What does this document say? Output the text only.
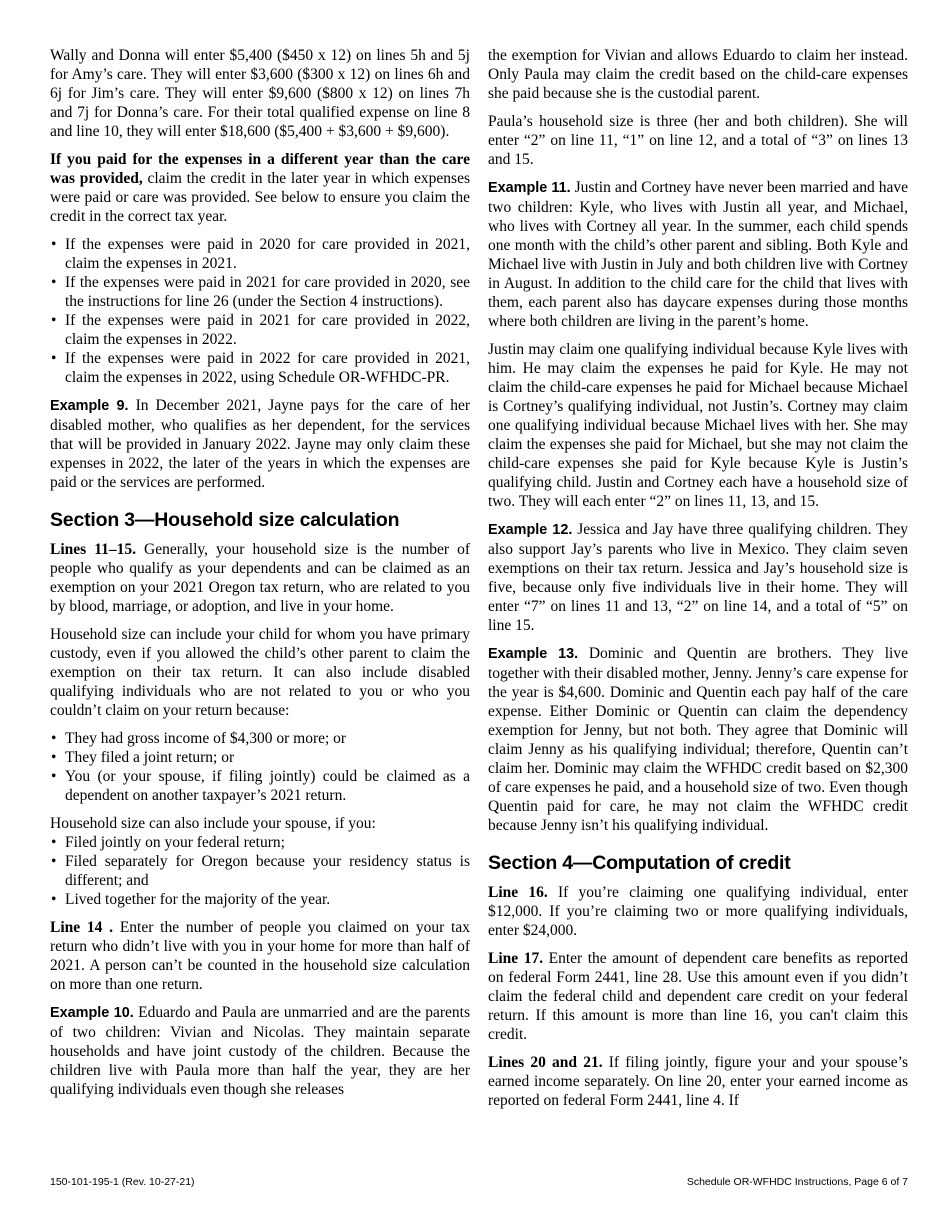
Wally and Donna will enter $5,400 ($450 x 12) on lines 5h and 5j for Amy’s care. They will enter $3,600 ($300 x 12) on lines 6h and 6j for Jim’s care. They will enter $9,600 ($800 x 12) on lines 7h and 7j for Donna’s care. For their total qualified expense on line 8 and line 10, they will enter $18,600 ($5,400 + $3,600 + $9,600).

If you paid for the expenses in a different year than the care was provided, claim the credit in the later year in which expenses were paid or care was provided. See below to ensure you claim the credit in the correct tax year.

• If the expenses were paid in 2020 for care provided in 2021, claim the expenses in 2021.
• If the expenses were paid in 2021 for care provided in 2020, see the instructions for line 26 (under the Section 4 instructions).
• If the expenses were paid in 2021 for care provided in 2022, claim the expenses in 2022.
• If the expenses were paid in 2022 for care provided in 2021, claim the expenses in 2022, using Schedule OR-WFHDC-PR.

Example 9. In December 2021, Jayne pays for the care of her disabled mother, who qualifies as her dependent, for the services that will be provided in January 2022. Jayne may only claim these expenses in 2022, the later of the years in which the expenses are paid or the services are performed.

Section 3—Household size calculation

Lines 11–15. Generally, your household size is the number of people who qualify as your dependents and can be claimed as an exemption on your 2021 Oregon tax return, who are related to you by blood, marriage, or adoption, and live in your home.

Household size can include your child for whom you have primary custody, even if you allowed the child’s other parent to claim the exemption on their tax return. It can also include disabled qualifying individuals who are not related to you or who you couldn’t claim on your return because:

• They had gross income of $4,300 or more; or
• They filed a joint return; or
• You (or your spouse, if filing jointly) could be claimed as a dependent on another taxpayer’s 2021 return.

Household size can also include your spouse, if you:

• Filed jointly on your federal return;
• Filed separately for Oregon because your residency status is different; and
• Lived together for the majority of the year.

Line 14 . Enter the number of people you claimed on your tax return who didn’t live with you in your home for more than half of 2021. A person can’t be counted in the household size calculation on more than one return.

Example 10. Eduardo and Paula are unmarried and are the parents of two children: Vivian and Nicolas. They maintain separate households and have joint custody of the children. Because the children live with Paula more than half the year, they are her qualifying individuals even though she releases

the exemption for Vivian and allows Eduardo to claim her instead. Only Paula may claim the credit based on the child-care expenses she paid because she is the custodial parent.

Paula’s household size is three (her and both children). She will enter “2” on line 11, “1” on line 12, and a total of “3” on lines 13 and 15.

Example 11. Justin and Cortney have never been married and have two children: Kyle, who lives with Justin all year, and Michael, who lives with Cortney all year. In the summer, each child spends one month with the child’s other parent and sibling. Both Kyle and Michael live with Justin in July and both children live with Cortney in August. In addition to the child care for the child that lives with them, each parent also has daycare expenses during those months where both children are living in the parent’s home.

Justin may claim one qualifying individual because Kyle lives with him. He may claim the expenses he paid for Kyle. He may not claim the child-care expenses he paid for Michael because Michael is Cortney’s qualifying individual, not Justin’s. Cortney may claim one qualifying individual because Michael lives with her. She may claim the expenses she paid for Michael, but she may not claim the child-care expenses she paid for Kyle because Kyle is Justin’s qualifying child. Justin and Cortney each have a household size of two. They will each enter “2” on lines 11, 13, and 15.

Example 12. Jessica and Jay have three qualifying children. They also support Jay’s parents who live in Mexico. They claim seven exemptions on their tax return. Jessica and Jay’s household size is five, because only five individuals live in their home. They will enter “7” on lines 11 and 13, “2” on line 14, and a total of “5” on line 15.

Example 13. Dominic and Quentin are brothers. They live together with their disabled mother, Jenny. Jenny’s care expense for the year is $4,600. Dominic and Quentin each pay half of the care expense. Either Dominic or Quentin can claim the dependency exemption for Jenny, but not both. They agree that Dominic will claim Jenny as his qualifying individual; therefore, Quentin can’t claim her. Dominic may claim the WFHDC credit based on $2,300 of care expenses he paid, and a household size of two. Even though Quentin paid for care, he may not claim the WFHDC credit because Jenny isn’t his qualifying individual.

Section 4—Computation of credit

Line 16. If you’re claiming one qualifying individual, enter $12,000. If you’re claiming two or more qualifying individuals, enter $24,000.

Line 17. Enter the amount of dependent care benefits as reported on federal Form 2441, line 28. Use this amount even if you didn’t claim the federal child and dependent care credit on your federal return. If this amount is more than line 16, you can't claim this credit.

Lines 20 and 21. If filing jointly, figure your and your spouse’s earned income separately. On line 20, enter your earned income as reported on federal Form 2441, line 4. If

150-101-195-1 (Rev. 10-27-21)	Schedule OR-WFHDC Instructions, Page 6 of 7
